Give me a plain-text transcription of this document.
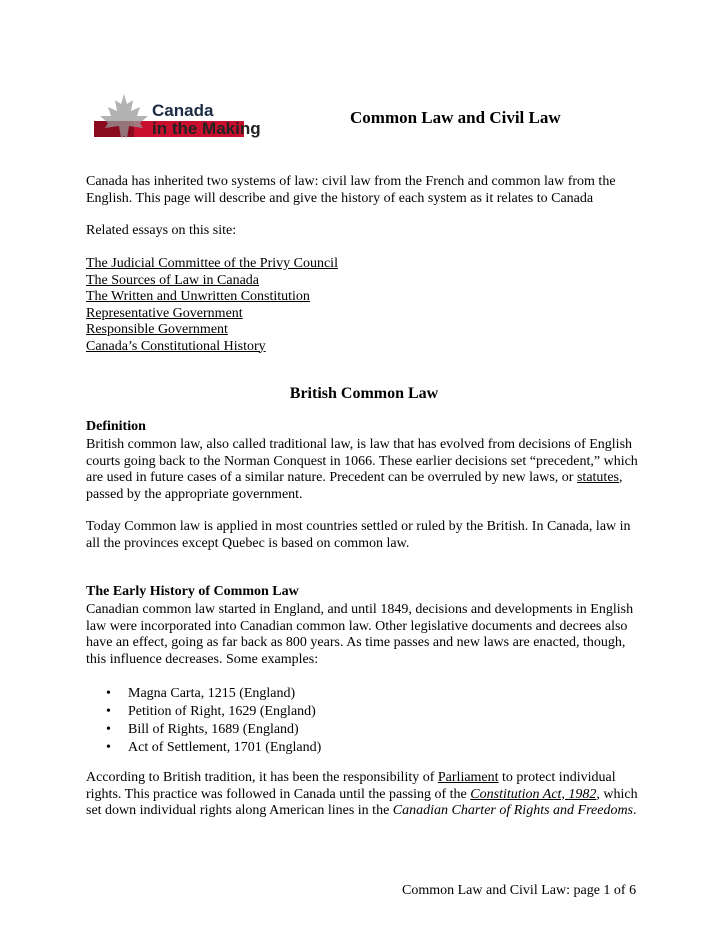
Canada
in the Making
Common Law and Civil Law

Canada has inherited two systems of law: civil law from the French and common law from the English. This page will describe and give the history of each system as it relates to Canada

Related essays on this site:

The Judicial Committee of the Privy Council
The Sources of Law in Canada
The Written and Unwritten Constitution
Representative Government
Responsible Government
Canada’s Constitutional History
British Common Law
Definition

British common law, also called traditional law, is law that has evolved from decisions of English courts going back to the Norman Conquest in 1066. These earlier decisions set “precedent,” which are used in future cases of a similar nature. Precedent can be overruled by new laws, or statutes, passed by the appropriate government.

Today Common law is applied in most countries settled or ruled by the British. In Canada, law in all the provinces except Quebec is based on common law.

The Early History of Common Law

Canadian common law started in England, and until 1849, decisions and developments in English law were incorporated into Canadian common law. Other legislative documents and decrees also have an effect, going as far back as 800 years. As time passes and new laws are enacted, though, this influence decreases. Some examples:

• Magna Carta, 1215 (England)
• Petition of Right, 1629 (England)
• Bill of Rights, 1689 (England)
• Act of Settlement, 1701 (England)

According to British tradition, it has been the responsibility of Parliament to protect individual rights. This practice was followed in Canada until the passing of the Constitution Act, 1982, which set down individual rights along American lines in the Canadian Charter of Rights and Freedoms.

Common Law and Civil Law: page 1 of 6
